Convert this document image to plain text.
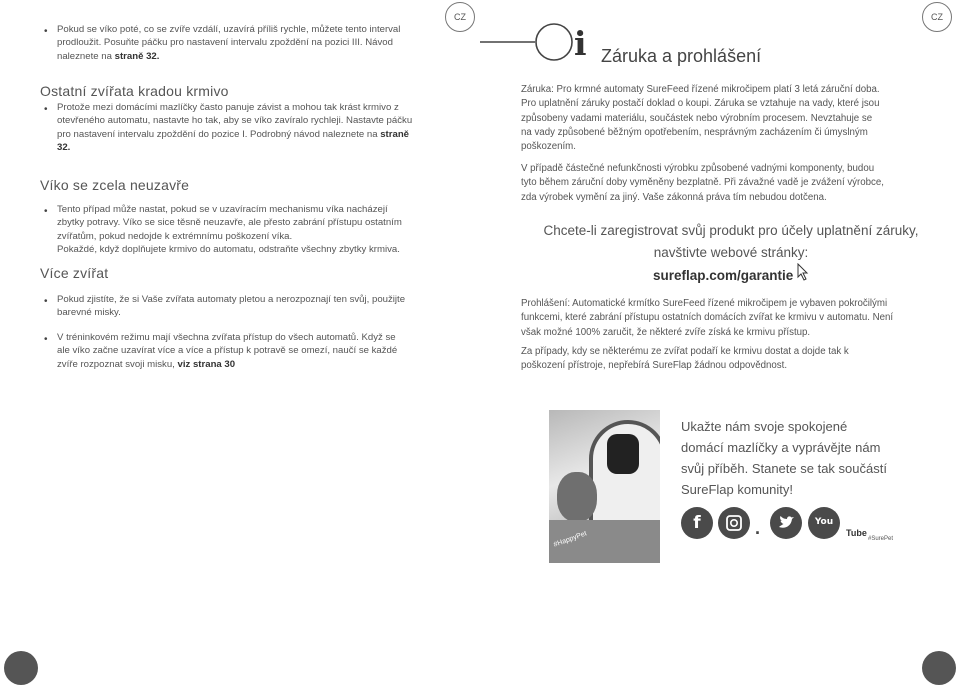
• Pokud se víko poté, co se zvíře vzdálí, uzavírá příliš rychle, můžete tento interval
prodloužit. Posuňte páčku pro nastavení intervalu zpoždění na pozici III. Návod
naleznete na straně 32.
Ostatní zvířata kradou krmivo
• Protože mezi domácími mazlíčky často panuje závist a mohou tak krást krmivo z
otevřeného automatu, nastavte ho tak, aby se víko zavíralo rychleji. Nastavte páčku
pro nastavení intervalu zpoždění do pozice I. Podrobný návod naleznete na straně
32.
Víko se zcela neuzavře
• Tento případ může nastat, pokud se v uzavíracím mechanismu víka nacházejí
zbytky potravy. Víko se sice těsně neuzavře, ale přesto zabrání přístupu ostatním
zvířatům, pokud nedojde k extrémnímu poškození víka.
Pokaždé, když doplňujete krmivo do automatu, odstraňte všechny zbytky krmiva.
Více zvířat
• Pokud zjistíte, že si Vaše zvířata automaty pletou a nerozpoznají ten svůj, použijte
barevné misky.
• V tréninkovém režimu mají všechna zvířata přístup do všech automatů. Když se
ale víko začne uzavírat více a více a přístup k potravě se omezí, naučí se každé
zvíře rozpoznat svoji misku, viz strana 30
CZ	CZ
i Záruka a prohlášení
Záruka: Pro krmné automaty SureFeed řízené mikročipem platí 3 letá záruční doba.
Pro uplatnění záruky postačí doklad o koupi. Záruka se vztahuje na vady, které jsou
způsobeny vadami materiálu, součástek nebo výrobním procesem. Nevztahuje se
na vady způsobené běžným opotřebením, nesprávným zacházením či úmyslným
poškozením.
V případě částečné nefunkčnosti výrobku způsobené vadnými komponenty, budou
tyto během záruční doby vyměněny bezplatně. Při závažné vadě je zvážení výrobce,
zda výrobek vymění za jiný. Vaše zákonná práva tím nebudou dotčena.
Chcete-li zaregistrovat svůj produkt pro účely uplatnění záruky,
navštivte webové stránky:
sureflap.com/garantie
Prohlášení: Automatické krmítko SureFeed řízené mikročipem je vybaven pokročilými
funkcemi, které zabrání přístupu ostatních domácích zvířat ke krmivu v automatu. Není
však možné 100% zaručit, že některé zvíře získá ke krmivu přístup.
Za případy, kdy se některému ze zvířat podaří ke krmivu dostat a dojde tak k
poškození přístroje, nepřebírá SureFlap žádnou odpovědnost.
#HappyPet
Ukažte nám svoje spokojené
domácí mazlíčky a vyprávějte nám
svůj příběh. Stanete se tak součástí
SureFlap komunity!
f	.	You
Tube
#SurePet
